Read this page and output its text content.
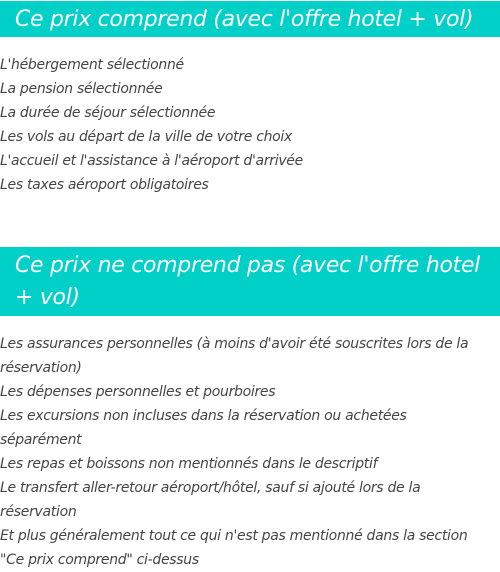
Ce prix comprend (avec l'offre hotel + vol)
L'hébergement sélectionné
La pension sélectionnée
La durée de séjour sélectionnée
Les vols au départ de la ville de votre choix
L'accueil et l'assistance à l'aéroport d'arrivée
Les taxes aéroport obligatoires
Ce prix ne comprend pas (avec l'offre hotel + vol)
Les assurances personnelles (à moins d'avoir été souscrites lors de la réservation)
Les dépenses personnelles et pourboires
Les excursions non incluses dans la réservation ou achetées séparément
Les repas et boissons non mentionnés dans le descriptif
Le transfert aller-retour aéroport/hôtel, sauf si ajouté lors de la réservation
Et plus généralement tout ce qui n'est pas mentionné dans la section "Ce prix comprend" ci-dessus
